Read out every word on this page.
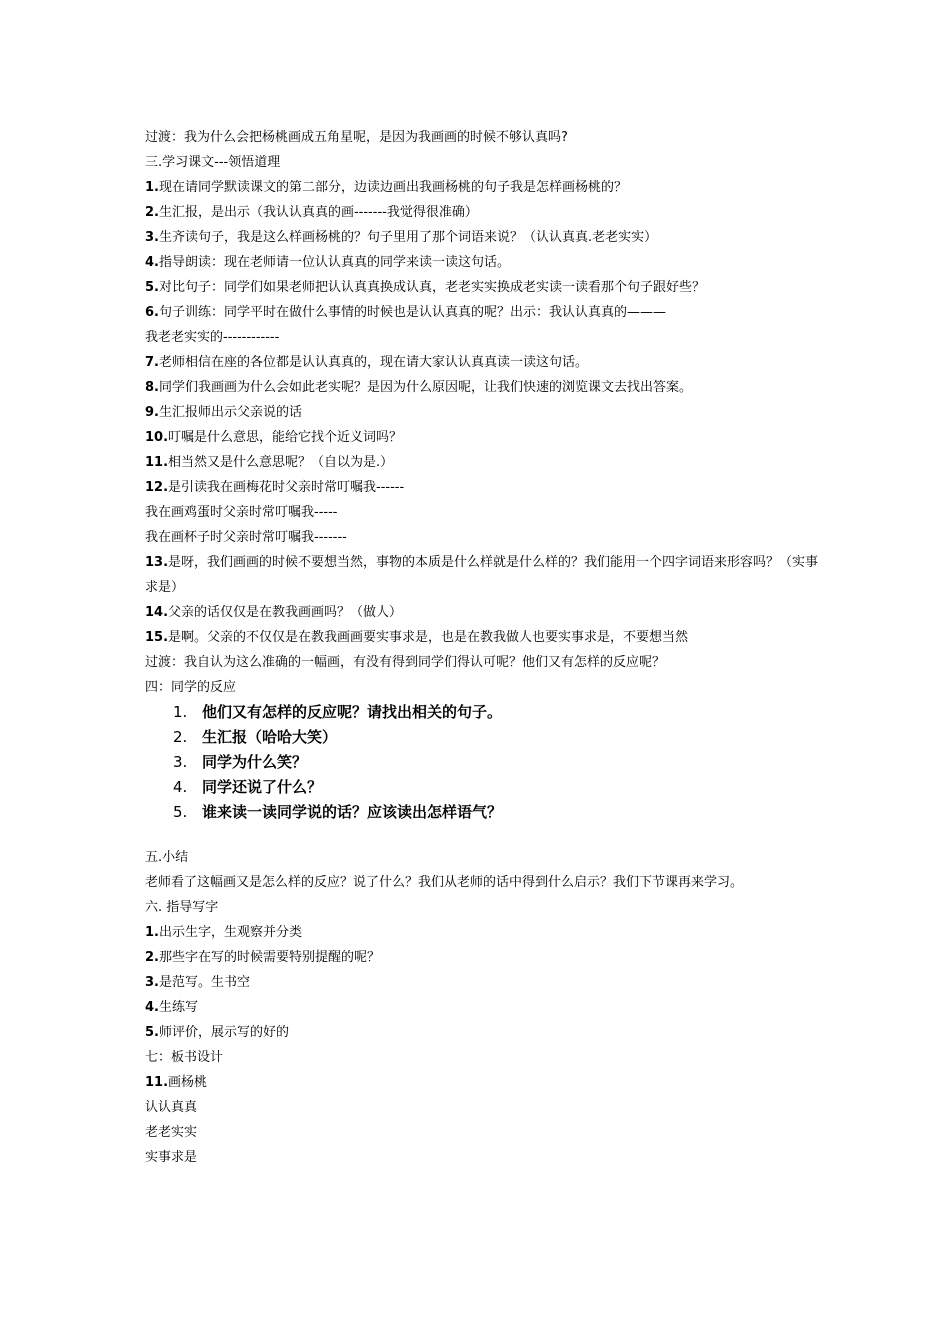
过渡：我为什么会把杨桃画成五角星呢，是因为我画画的时候不够认真吗?

三.学习课文---领悟道理

1.现在请同学默读课文的第二部分，边读边画出我画杨桃的句子我是怎样画杨桃的？

2.生汇报，是出示（我认认真真的画-------我觉得很准确）

3.生齐读句子，我是这么样画杨桃的？句子里用了那个词语来说？（认认真真.老老实实）

4.指导朗读：现在老师请一位认认真真的同学来读一读这句话。

5.对比句子：同学们如果老师把认认真真换成认真，老老实实换成老实读一读看那个句子跟好些？

6.句子训练：同学平时在做什么事情的时候也是认认真真的呢？出示：我认认真真的———

我老老实实的------------

7.老师相信在座的各位都是认认真真的，现在请大家认认真真读一读这句话。

8.同学们我画画为什么会如此老实呢？是因为什么原因呢，让我们快速的浏览课文去找出答案。

9.生汇报师出示父亲说的话

10.叮嘱是什么意思，能给它找个近义词吗？

11.相当然又是什么意思呢？（自以为是.）

12.是引读我在画梅花时父亲时常叮嘱我------

我在画鸡蛋时父亲时常叮嘱我-----

我在画杯子时父亲时常叮嘱我-------

13.是呀，我们画画的时候不要想当然，事物的本质是什么样就是什么样的？我们能用一个四字词语来形容吗？（实事求是）

14.父亲的话仅仅是在教我画画吗？（做人）

15.是啊。父亲的不仅仅是在教我画画要实事求是，也是在教我做人也要实事求是，不要想当然

过渡：我自认为这么准确的一幅画，有没有得到同学们得认可呢？他们又有怎样的反应呢？

四：同学的反应

1. 他们又有怎样的反应呢？请找出相关的句子。
2. 生汇报（哈哈大笑）
3. 同学为什么笑？
4. 同学还说了什么？
5. 谁来读一读同学说的话？应该读出怎样语气？

五.小结

老师看了这幅画又是怎么样的反应？说了什么？我们从老师的话中得到什么启示？我们下节课再来学习。

六. 指导写字

1.出示生字，生观察并分类

2.那些字在写的时候需要特别提醒的呢？

3.是范写。生书空

4.生练写

5.师评价，展示写的好的

七：板书设计

11.画杨桃

认认真真

老老实实

实事求是
